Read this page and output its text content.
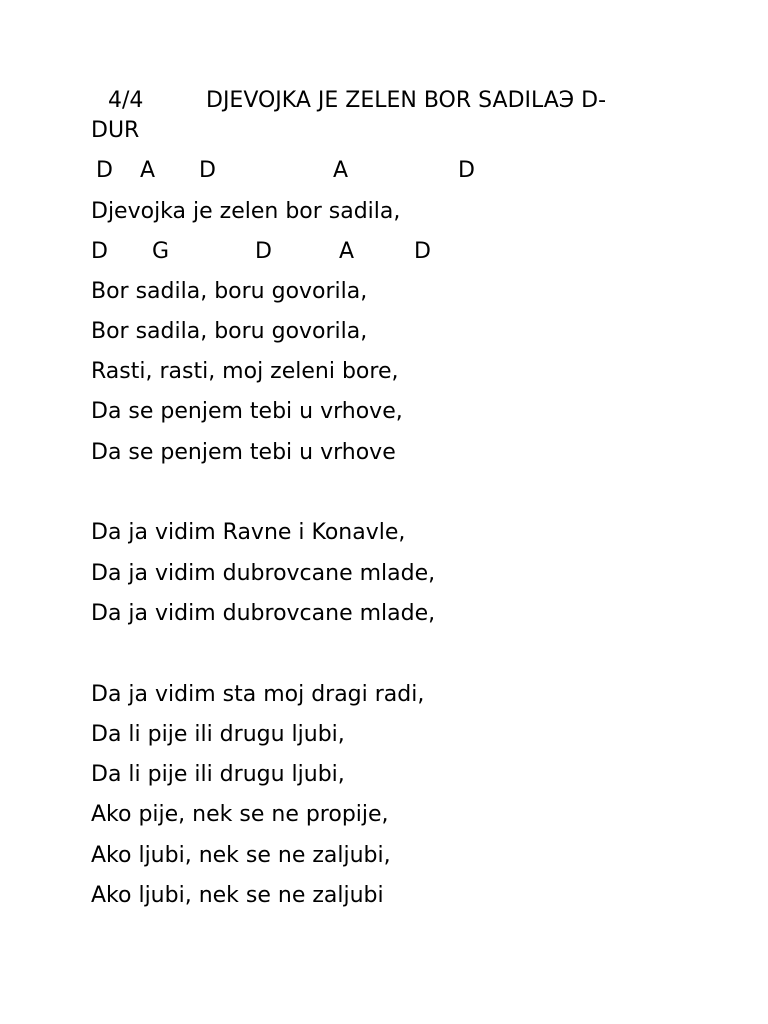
4/4	DJEVOJKA JE ZELEN BOR SADILAЭ D-
DUR
D A D	A	D
Djevojka je zelen bor sadila,
D G	D	A	D
Bor sadila, boru govorila,
Bor sadila, boru govorila,
Rasti, rasti, moj zeleni bore,
Da se penjem tebi u vrhove,
Da se penjem tebi u vrhove
Da ja vidim Ravne i Konavle,
Da ja vidim dubrovcane mlade,
Da ja vidim dubrovcane mlade,
Da ja vidim sta moj dragi radi,
Da li pije ili drugu ljubi,
Da li pije ili drugu ljubi,
Ako pije, nek se ne propije,
Ako ljubi, nek se ne zaljubi,
Ako ljubi, nek se ne zaljubi
